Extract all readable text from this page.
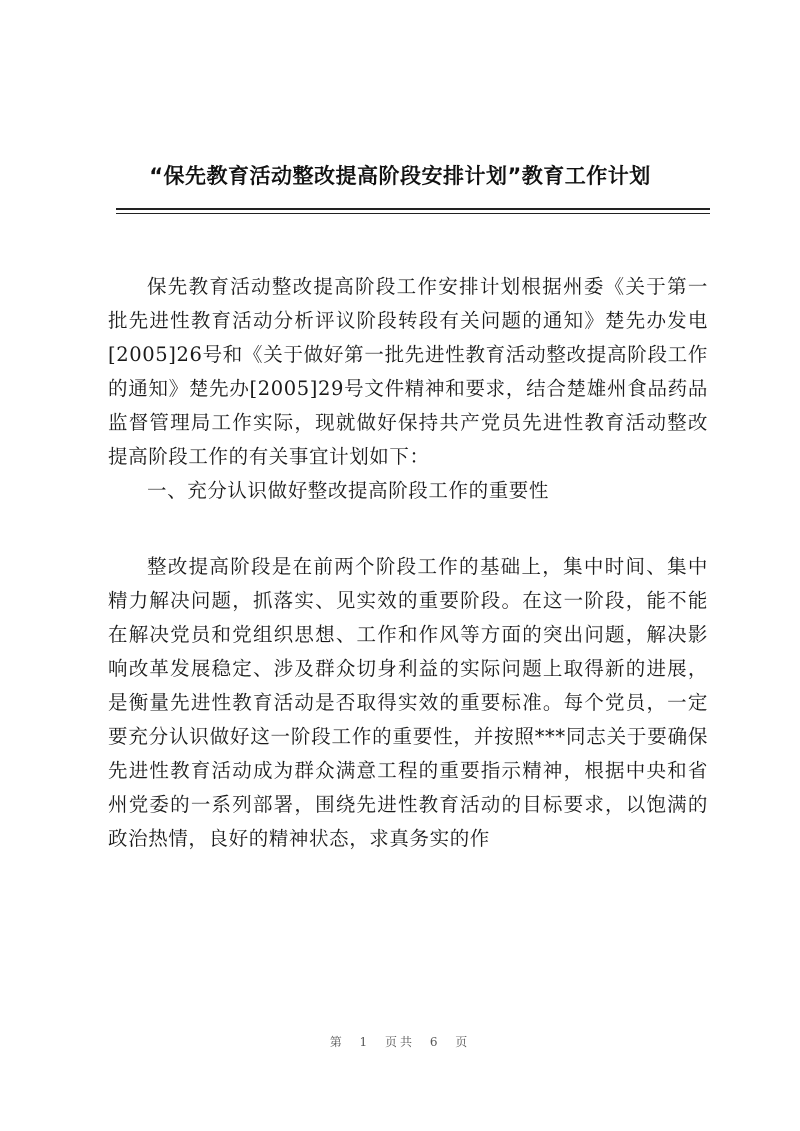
“保先教育活动整改提高阶段安排计划”教育工作计划

保先教育活动整改提高阶段工作安排计划根据州委《关于第一批先进性教育活动分析评议阶段转段有关问题的通知》楚先办发电[2005]26号和《关于做好第一批先进性教育活动整改提高阶段工作的通知》楚先办[2005]29号文件精神和要求，结合楚雄州食品药品监督管理局工作实际，现就做好保持共产党员先进性教育活动整改提高阶段工作的有关事宜计划如下：

一、充分认识做好整改提高阶段工作的重要性

整改提高阶段是在前两个阶段工作的基础上，集中时间、集中精力解决问题，抓落实、见实效的重要阶段。在这一阶段，能不能在解决党员和党组织思想、工作和作风等方面的突出问题，解决影响改革发展稳定、涉及群众切身利益的实际问题上取得新的进展，是衡量先进性教育活动是否取得实效的重要标准。每个党员，一定要充分认识做好这一阶段工作的重要性，并按照***同志关于要确保先进性教育活动成为群众满意工程的重要指示精神，根据中央和省州党委的一系列部署，围绕先进性教育活动的目标要求，以饱满的政治热情，良好的精神状态，求真务实的作

第 1 页共 6 页
